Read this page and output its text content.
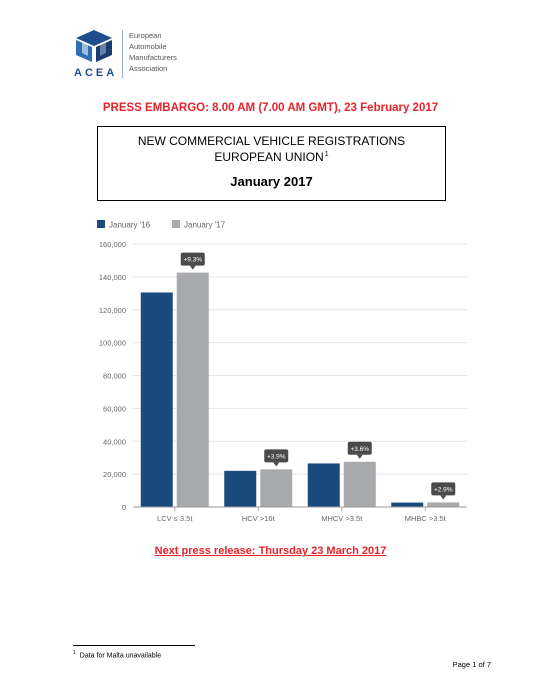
ACEA
European
Automobile
Manufacturers
Association
PRESS EMBARGO: 8.00 AM (7.00 AM GMT), 23 February 2017
NEW COMMERCIAL VEHICLE REGISTRATIONS
EUROPEAN UNION$^1$
January 2017
January '16	January '17
0
20,000
40,000
60,000
80,000
100,000
120,000
140,000
160,000
LCV ≤ 3.5t	HCV >16t	MHCV >3.5t	MHBC >3.5t
+9.3%
+3.9%
+3.6%
+2.9%
Next press release: Thursday 23 March 2017
$^1$ Data for Malta unavailable
Page 1 of 7
